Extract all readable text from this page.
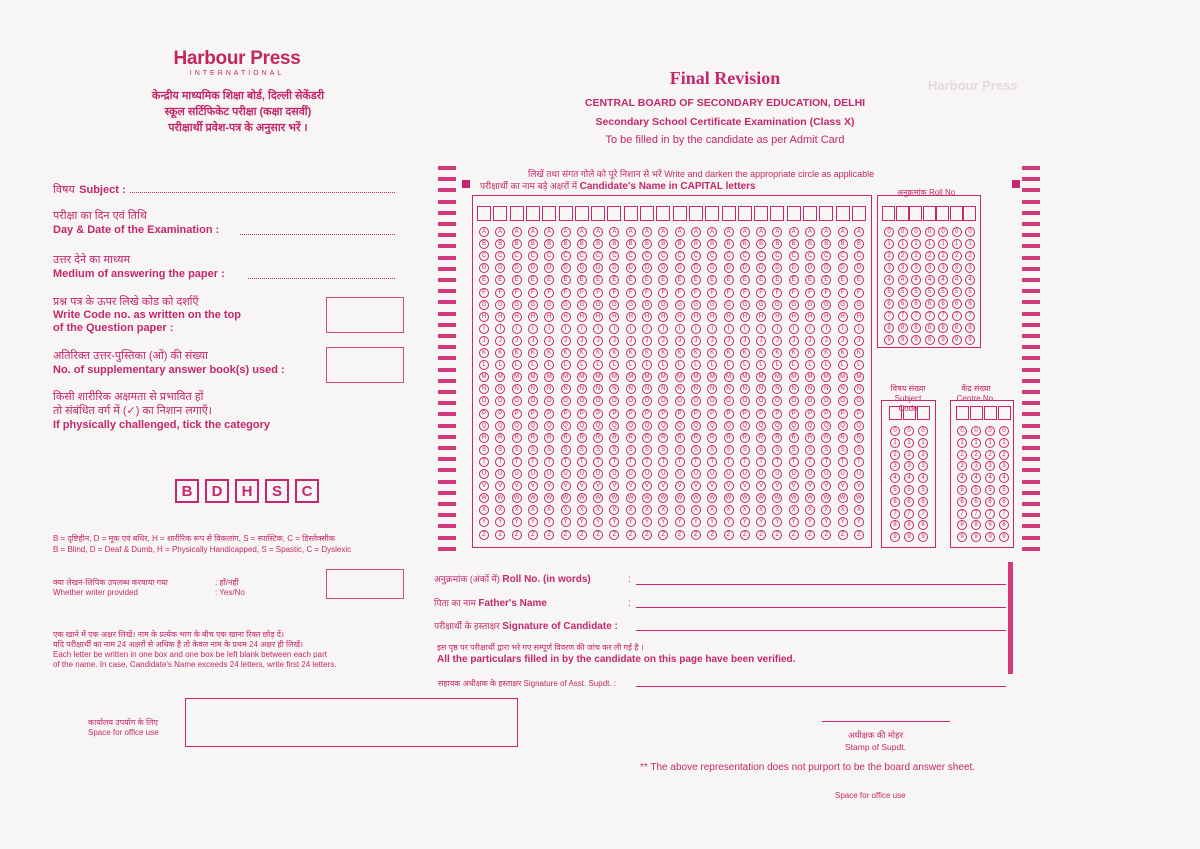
Harbour Press
Harbour Press
INTERNATIONAL
केन्द्रीय माध्यमिक शिक्षा बोर्ड, दिल्ली सेकेंडरी
स्कूल सर्टिफिकेट परीक्षा (कक्षा दसवीं)
परीक्षार्थी प्रवेश-पत्र के अनुसार भरें ।
Final Revision
CENTRAL BOARD OF SECONDARY EDUCATION, DELHI
Secondary School Certificate Examination (Class X)
To be filled in by the candidate as per Admit Card
विषय Subject :
परीक्षा का दिन एवं तिथि
Day & Date of the Examination :
उत्तर देने का माध्यम
Medium of answering the paper :
प्रश्न पत्र के ऊपर लिखे कोड को दर्शाएँ
Write Code no. as written on the top
of the Question paper :
अतिरिक्त उत्तर-पुस्तिका (ओं) की संख्या
No. of supplementary answer book(s) used :
किसी शारीरिक अक्षमता से प्रभावित हों
तो संबंधित वर्ग में (✓) का निशान लगाएँ।
If physically challenged, tick the category
B	D	H	S	C
B = दृष्टिहीन, D = मूक एवं बधिर, H = शारीरिक रूप से विकलांग, S = स्पास्टिक, C = डिस्लेक्सीक
B = Blind, D = Deaf & Dumb, H = Physically Handicapped, S = Spastic, C = Dyslexic
क्या लेखन-लिपिक उपलब्ध करवाया गया
Whether writer provided
: हाँ/नहीं
: Yes/No
एक खाने में एक अक्षर लिखें। नाम के प्रत्येक भाग के बीच एक खाना रिक्त छोड़ दें।
यदि परीक्षार्थी का नाम 24 अक्षरों से अधिक है तो केवल नाम के प्रथम 24 अक्षर ही लिखें।
Each letter be written in one box and one box be left blank between each part
of the name. In case, Candidate's Name exceeds 24 letters, write first 24 letters.
कार्यालय उपयोग के लिए
Space for office use
लिखें तथा संगत गोले को पूरे निशान से भरें Write and darken the appropriate circle as applicable
परीक्षार्थी का नाम बड़े अक्षरों में Candidate's Name in CAPITAL letters
अनुक्रमांक Roll No
A	A	A	A	A	A	A	A	A	A	A	A	A	A	A	A	A	A	A	A	A	A	A	A
B	B	B	B	B	B	B	B	B	B	B	B	B	B	B	B	B	B	B	B	B	B	B	B
C	C	C	C	C	C	C	C	C	C	C	C	C	C	C	C	C	C	C	C	C	C	C	C
D	D	D	D	D	D	D	D	D	D	D	D	D	D	D	D	D	D	D	D	D	D	D	D
E	E	E	E	E	E	E	E	E	E	E	E	E	E	E	E	E	E	E	E	E	E	E	E
F	F	F	F	F	F	F	F	F	F	F	F	F	F	F	F	F	F	F	F	F	F	F	F
G	G	G	G	G	G	G	G	G	G	G	G	G	G	G	G	G	G	G	G	G	G	G	G
H	H	H	H	H	H	H	H	H	H	H	H	H	H	H	H	H	H	H	H	H	H	H	H
I	I	I	I	I	I	I	I	I	I	I	I	I	I	I	I	I	I	I	I	I	I	I	I
J	J	J	J	J	J	J	J	J	J	J	J	J	J	J	J	J	J	J	J	J	J	J	J
K	K	K	K	K	K	K	K	K	K	K	K	K	K	K	K	K	K	K	K	K	K	K	K
L	L	L	L	L	L	L	L	L	L	L	L	L	L	L	L	L	L	L	L	L	L	L	L
M	M	M	M	M	M	M	M	M	M	M	M	M	M	M	M	M	M	M	M	M	M	M	M
N	N	N	N	N	N	N	N	N	N	N	N	N	N	N	N	N	N	N	N	N	N	N	N
O	O	O	O	O	O	O	O	O	O	O	O	O	O	O	O	O	O	O	O	O	O	O	O
P	P	P	P	P	P	P	P	P	P	P	P	P	P	P	P	P	P	P	P	P	P	P	P
Q	Q	Q	Q	Q	Q	Q	Q	Q	Q	Q	Q	Q	Q	Q	Q	Q	Q	Q	Q	Q	Q	Q	Q
R	R	R	R	R	R	R	R	R	R	R	R	R	R	R	R	R	R	R	R	R	R	R	R
S	S	S	S	S	S	S	S	S	S	S	S	S	S	S	S	S	S	S	S	S	S	S	S
T	T	T	T	T	T	T	T	T	T	T	T	T	T	T	T	T	T	T	T	T	T	T	T
U	U	U	U	U	U	U	U	U	U	U	U	U	U	U	U	U	U	U	U	U	U	U	U
V	V	V	V	V	V	V	V	V	V	V	V	V	V	V	V	V	V	V	V	V	V	V	V
W	W	W	W	W	W	W	W	W	W	W	W	W	W	W	W	W	W	W	W	W	W	W	W
X	X	X	X	X	X	X	X	X	X	X	X	X	X	X	X	X	X	X	X	X	X	X	X
Y	Y	Y	Y	Y	Y	Y	Y	Y	Y	Y	Y	Y	Y	Y	Y	Y	Y	Y	Y	Y	Y	Y	Y
Z	Z	Z	Z	Z	Z	Z	Z	Z	Z	Z	Z	Z	Z	Z	Z	Z	Z	Z	Z	Z	Z	Z	Z
0	0	0	0	0	0	0
1	1	1	1	1	1	1
2	2	2	2	2	2	2
3	3	3	3	3	3	3
4	4	4	4	4	4	4
5	5	5	5	5	5	5
6	6	6	6	6	6	6
7	7	7	7	7	7	7
8	8	8	8	8	8	8
9	9	9	9	9	9	9
विषय संख्या
Subject Code
केंद्र संख्या
Centre No.
0	0	0
1	1	1
2	2	2
3	3	3
4	4	4
5	5	5
6	6	6
7	7	7
8	8	8
9	9	9
0	0	0	0
1	1	1	1
2	2	2	2
3	3	3	3
4	4	4	4
5	5	5	5
6	6	6	6
7	7	7	7
8	8	8	8
9	9	9	9
अनुक्रमांक (अंकों में) Roll No. (in words)	:
पिता का नाम Father's Name	:
परीक्षार्थी के हस्ताक्षर Signature of Candidate :
इस पृष्ठ पर परीक्षार्थी द्वारा भरे गए सम्पूर्ण विवरण की जांच कर ली गई है ।
All the particulars filled in by the candidate on this page have been verified.
सहायक अधीक्षक के हस्ताक्षर Signature of Asst. Supdt. :
अधीक्षक की मोहर
Stamp of Supdt.
** The above representation does not purport to be the board answer sheet.
Space for office use
